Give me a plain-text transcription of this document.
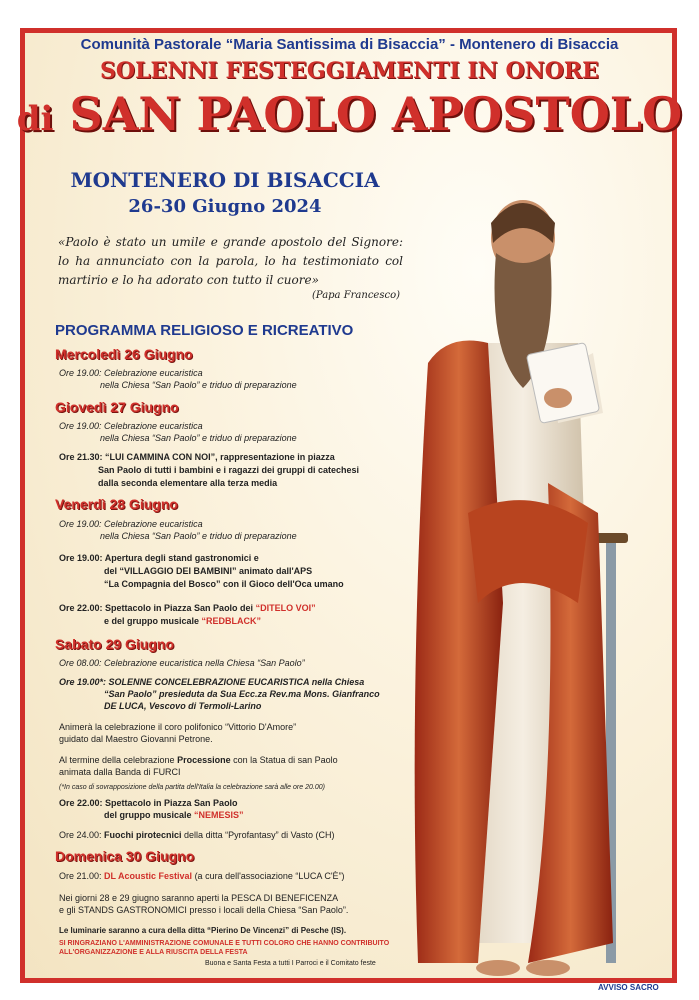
Comunità Pastorale “Maria Santissima di Bisaccia” - Montenero di Bisaccia
SOLENNI FESTEGGIAMENTI IN ONORE
di SAN PAOLO APOSTOLO
MONTENERO DI BISACCIA
26-30 Giugno 2024
«Paolo è stato un umile e grande apostolo del Signore: lo ha annunciato con la parola, lo ha testimoniato col martirio e lo ha adorato con tutto il cuore»
(Papa Francesco)
PROGRAMMA RELIGIOSO E RICREATIVO
Mercoledì 26 Giugno
Ore 19.00: Celebrazione eucaristica
nella Chiesa “San Paolo” e triduo di preparazione
Giovedì 27 Giugno
Ore 19.00: Celebrazione eucaristica
nella Chiesa “San Paolo” e triduo di preparazione
Ore 21.30: “LUI CAMMINA CON NOI”, rappresentazione in piazza
San Paolo di tutti i bambini e i ragazzi dei gruppi di catechesi
dalla seconda elementare alla terza media
Venerdì 28 Giugno
Ore 19.00: Celebrazione eucaristica
nella Chiesa “San Paolo” e triduo di preparazione
Ore 19.00: Apertura degli stand gastronomici e
del “VILLAGGIO DEI BAMBINI” animato dall'APS
“La Compagnia del Bosco” con il Gioco dell'Oca umano
Ore 22.00: Spettacolo in Piazza San Paolo dei “DITELO VOI”
e del gruppo musicale “REDBLACK”
Sabato 29 Giugno
Ore 08.00: Celebrazione eucaristica nella Chiesa “San Paolo”
Ore 19.00*: SOLENNE CONCELEBRAZIONE EUCARISTICA nella Chiesa
“San Paolo” presieduta da Sua Ecc.za Rev.ma Mons. Gianfranco
DE LUCA, Vescovo di Termoli-Larino
Animerà la celebrazione il coro polifonico “Vittorio D'Amore”
guidato dal Maestro Giovanni Petrone.
Al termine della celebrazione Processione con la Statua di san Paolo
animata dalla Banda di FURCI
(*In caso di sovrapposizione della partita dell'Italia la celebrazione sarà alle ore 20.00)
Ore 22.00: Spettacolo in Piazza San Paolo
del gruppo musicale “NEMESIS”
Ore 24.00: Fuochi pirotecnici della ditta “Pyrofantasy” di Vasto (CH)
Domenica 30 Giugno
Ore 21.00: DL Acoustic Festival (a cura dell'associazione “LUCA C'È”)
Nei giorni 28 e 29 giugno saranno aperti la PESCA DI BENEFICENZA
e gli STANDS GASTRONOMICI presso i locali della Chiesa “San Paolo”.
Le luminarie saranno a cura della ditta “Pierino De Vincenzi” di Pesche (IS).
SI RINGRAZIANO L'AMMINISTRAZIONE COMUNALE E TUTTI COLORO CHE HANNO CONTRIBUITO
ALL'ORGANIZZAZIONE E ALLA RIUSCITA DELLA FESTA
Buona e Santa Festa a tutti I Parroci e il Comitato feste
AVVISO SACRO
